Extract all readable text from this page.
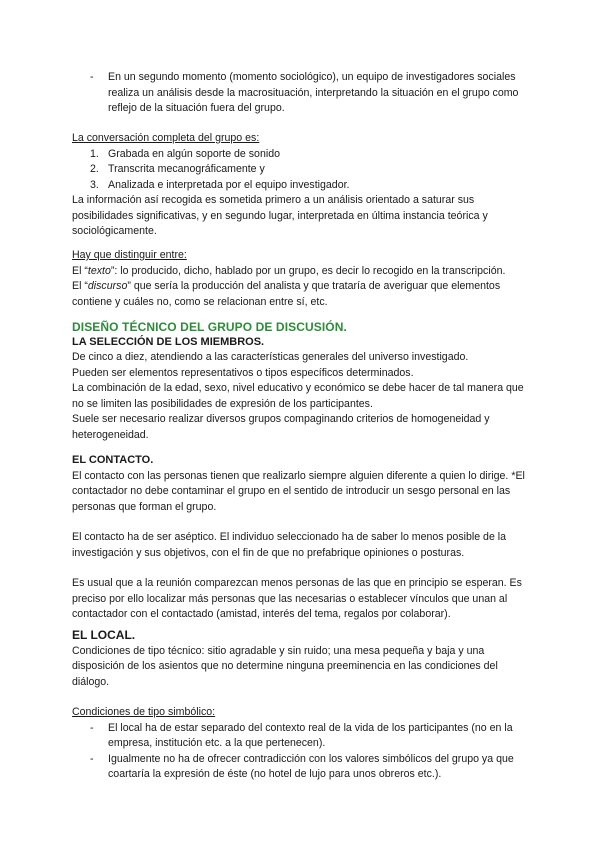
-	En un segundo momento (momento sociológico), un equipo de investigadores sociales realiza un análisis desde la macrosituación, interpretando la situación en el grupo como reflejo de la situación fuera del grupo.
La conversación completa del grupo es:
1. Grabada en algún soporte de sonido
2. Transcrita mecanográficamente y
3. Analizada e interpretada por el equipo investigador.
La información así recogida es sometida primero a un análisis orientado a saturar sus posibilidades significativas, y en segundo lugar, interpretada en última instancia teórica y sociológicamente.
Hay que distinguir entre:
El “texto”: lo producido, dicho, hablado por un grupo, es decir lo recogido en la transcripción.
El “discurso” que sería la producción del analista y que trataría de averiguar que elementos contiene y cuáles no, como se relacionan entre sí, etc.
DISEÑO TÉCNICO DEL GRUPO DE DISCUSIÓN.
LA SELECCIÓN DE LOS MIEMBROS.
De cinco a diez, atendiendo a las características generales del universo investigado.
Pueden ser elementos representativos o tipos específicos determinados.
La combinación de la edad, sexo, nivel educativo y económico se debe hacer de tal manera que no se limiten las posibilidades de expresión de los participantes.
Suele ser necesario realizar diversos grupos compaginando criterios de homogeneidad y heterogeneidad.
EL CONTACTO.
El contacto con las personas tienen que realizarlo siempre alguien diferente a quien lo dirige. *El contactador no debe contaminar el grupo en el sentido de introducir un sesgo personal en las personas que forman el grupo.
El contacto ha de ser aséptico. El individuo seleccionado ha de saber lo menos posible de la investigación y sus objetivos, con el fin de que no prefabrique opiniones o posturas.
Es usual que a la reunión comparezcan menos personas de las que en principio se esperan. Es preciso por ello localizar más personas que las necesarias o establecer vínculos que unan al contactador con el contactado (amistad, interés del tema, regalos por colaborar).
EL LOCAL.
Condiciones de tipo técnico: sitio agradable y sin ruido; una mesa pequeña y baja y una disposición de los asientos que no determine ninguna preeminencia en las condiciones del diálogo.
Condiciones de tipo simbólico:
-	El local ha de estar separado del contexto real de la vida de los participantes (no en la empresa, institución etc. a la que pertenecen).
-	Igualmente no ha de ofrecer contradicción con los valores simbólicos del grupo ya que coartaría la expresión de éste (no hotel de lujo para unos obreros etc.).
